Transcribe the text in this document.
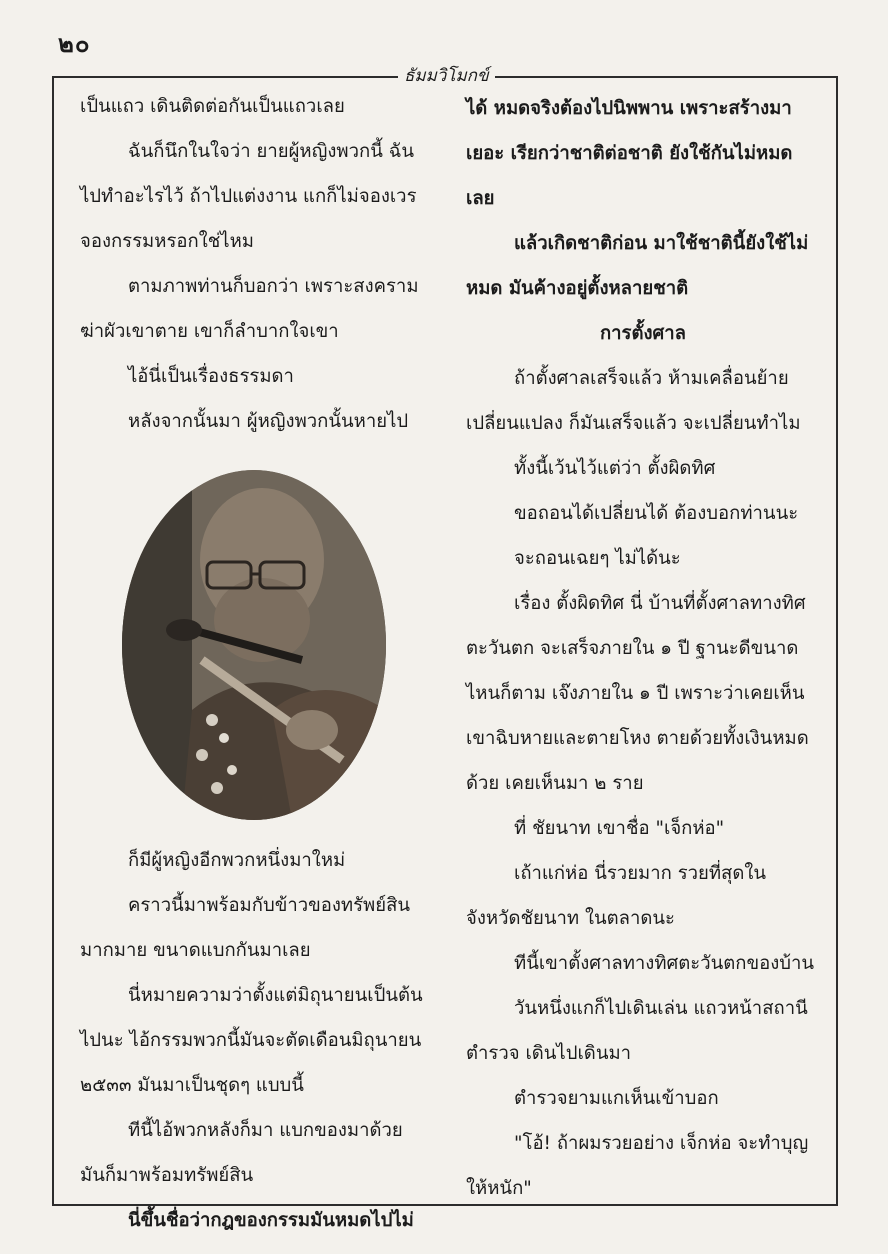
๒๐
ธัมมวิโมกข์

เป็นแถว เดินติดต่อกันเป็นแถวเลย

ฉันก็นึกในใจว่า ยายผู้หญิงพวกนี้ ฉันไปทำอะไรไว้ ถ้าไปแต่งงาน แกก็ไม่จองเวรจองกรรมหรอกใช่ไหม

ตามภาพท่านก็บอกว่า เพราะสงครามฆ่าผัวเขาตาย เขาก็ลำบากใจเขา

ไอ้นี่เป็นเรื่องธรรมดา

หลังจากนั้นมา ผู้หญิงพวกนั้นหายไป

ก็มีผู้หญิงอีกพวกหนึ่งมาใหม่

คราวนี้มาพร้อมกับข้าวของทรัพย์สินมากมาย ขนาดแบกกันมาเลย

นี่หมายความว่าตั้งแต่มิถุนายนเป็นต้นไปนะ ไอ้กรรมพวกนี้มันจะตัดเดือนมิถุนายน ๒๕๓๓ มันมาเป็นชุดๆ แบบนี้

ทีนี้ไอ้พวกหลังก็มา แบกของมาด้วย มันก็มาพร้อมทรัพย์สิน

นี่ขึ้นชื่อว่ากฎของกรรมมันหมดไปไม่

ได้ หมดจริงต้องไปนิพพาน เพราะสร้างมาเยอะ เรียกว่าชาติต่อชาติ ยังใช้กันไม่หมดเลย

แล้วเกิดชาติก่อน มาใช้ชาตินี้ยังใช้ไม่หมด มันค้างอยู่ตั้งหลายชาติ

การตั้งศาล

ถ้าตั้งศาลเสร็จแล้ว ห้ามเคลื่อนย้ายเปลี่ยนแปลง ก็มันเสร็จแล้ว จะเปลี่ยนทำไม

ทั้งนี้เว้นไว้แต่ว่า ตั้งผิดทิศ

ขอถอนได้เปลี่ยนได้ ต้องบอกท่านนะ

จะถอนเฉยๆ ไม่ได้นะ

เรื่อง ตั้งผิดทิศ นี่ บ้านที่ตั้งศาลทางทิศตะวันตก จะเสร็จภายใน ๑ ปี ฐานะดีขนาดไหนก็ตาม เจ๊งภายใน ๑ ปี เพราะว่าเคยเห็นเขาฉิบหายและตายโหง ตายด้วยทั้งเงินหมดด้วย เคยเห็นมา ๒ ราย

ที่ ชัยนาท เขาชื่อ "เจ็กห่อ"

เถ้าแก่ห่อ นี่รวยมาก รวยที่สุดในจังหวัดชัยนาท ในตลาดนะ

ทีนี้เขาตั้งศาลทางทิศตะวันตกของบ้าน

วันหนึ่งแกก็ไปเดินเล่น แถวหน้าสถานีตำรวจ เดินไปเดินมา

ตำรวจยามแกเห็นเข้าบอก

"โอ้! ถ้าผมรวยอย่าง เจ็กห่อ จะทำบุญให้หนัก"
